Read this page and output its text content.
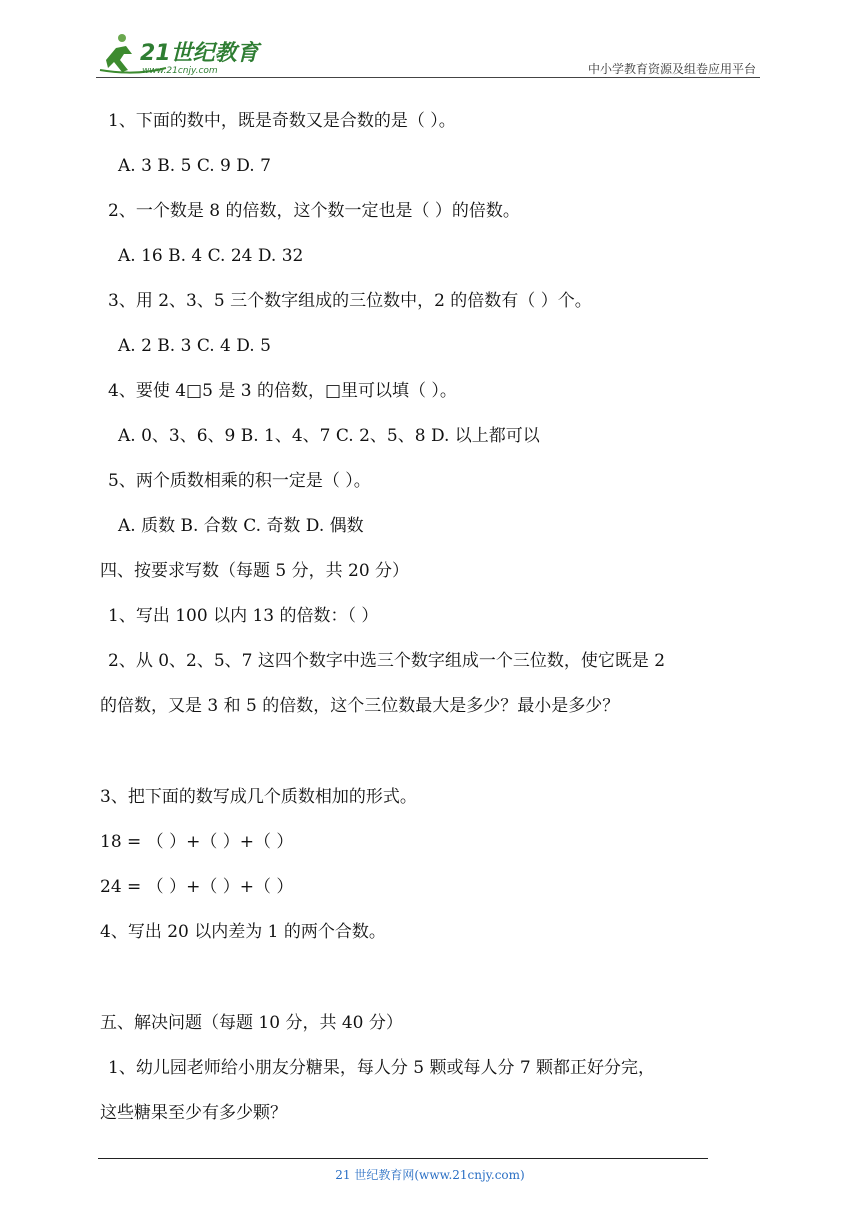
21世纪教育
www.21cnjy.com	中小学教育资源及组卷应用平台
1、下面的数中，既是奇数又是合数的是（ ）。
A. 3 B. 5 C. 9 D. 7
2、一个数是 8 的倍数，这个数一定也是（ ）的倍数。
A. 16 B. 4 C. 24 D. 32
3、用 2、3、5 三个数字组成的三位数中，2 的倍数有（ ）个。
A. 2 B. 3 C. 4 D. 5
4、要使 4□5 是 3 的倍数，□里可以填（ ）。
A. 0、3、6、9 B. 1、4、7 C. 2、5、8 D. 以上都可以
5、两个质数相乘的积一定是（ ）。
A. 质数 B. 合数 C. 奇数 D. 偶数
四、按要求写数（每题 5 分，共 20 分）
1、写出 100 以内 13 的倍数：（ ）
2、从 0、2、5、7 这四个数字中选三个数字组成一个三位数，使它既是 2
的倍数，又是 3 和 5 的倍数，这个三位数最大是多少？最小是多少？
3、把下面的数写成几个质数相加的形式。
18 = （ ）+（ ）+（ ）
24 = （ ）+（ ）+（ ）
4、写出 20 以内差为 1 的两个合数。
五、解决问题（每题 10 分，共 40 分）
1、幼儿园老师给小朋友分糖果，每人分 5 颗或每人分 7 颗都正好分完，
这些糖果至少有多少颗？
21 世纪教育网(www.21cnjy.com)
